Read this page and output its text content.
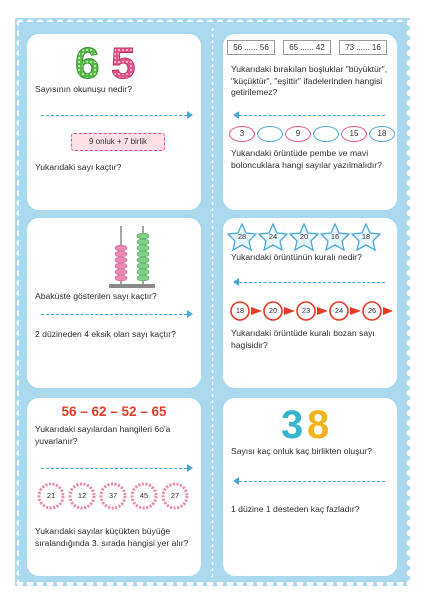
6 5
Sayısının okunuşu nedir?
9 onluk + 7 birlik
Yukarıdaki sayı kaçtır?
56 ...... 56	65 ...... 42	73 ...... 16
Yukarıdaki bırakılan boşluklar "büyüktür", "küçüktür", "eşittir" ifadelerinden hangisi getirilemez?
3	9	15	18
Yukarıdaki örüntüde pembe ve mavi boloncuklara hangi sayılar yazılmalıdır?
Abaküste gösterilen sayı kaçtır?
2 düzineden 4 eksik olan sayı kaçtır?
28	24	20	16	18
Yukarıdaki örüntünün kuralı nedir?
18	20	23	24	26
Yukarıdaki örüntüde kuralı bozan sayı hagisidir?
56 – 62 – 52 – 65
Yukarıdaki sayılardan hangileri 6o'a yuvarlanır?
21	12	37	45	27
Yukarıdaki sayılar küçükten büyüğe sıralandığında 3. sırada hangisi yer alır?
3 8
Sayısı kaç onluk kaç birlikten oluşur?
1 düzine 1 desteden kaç fazladır?
